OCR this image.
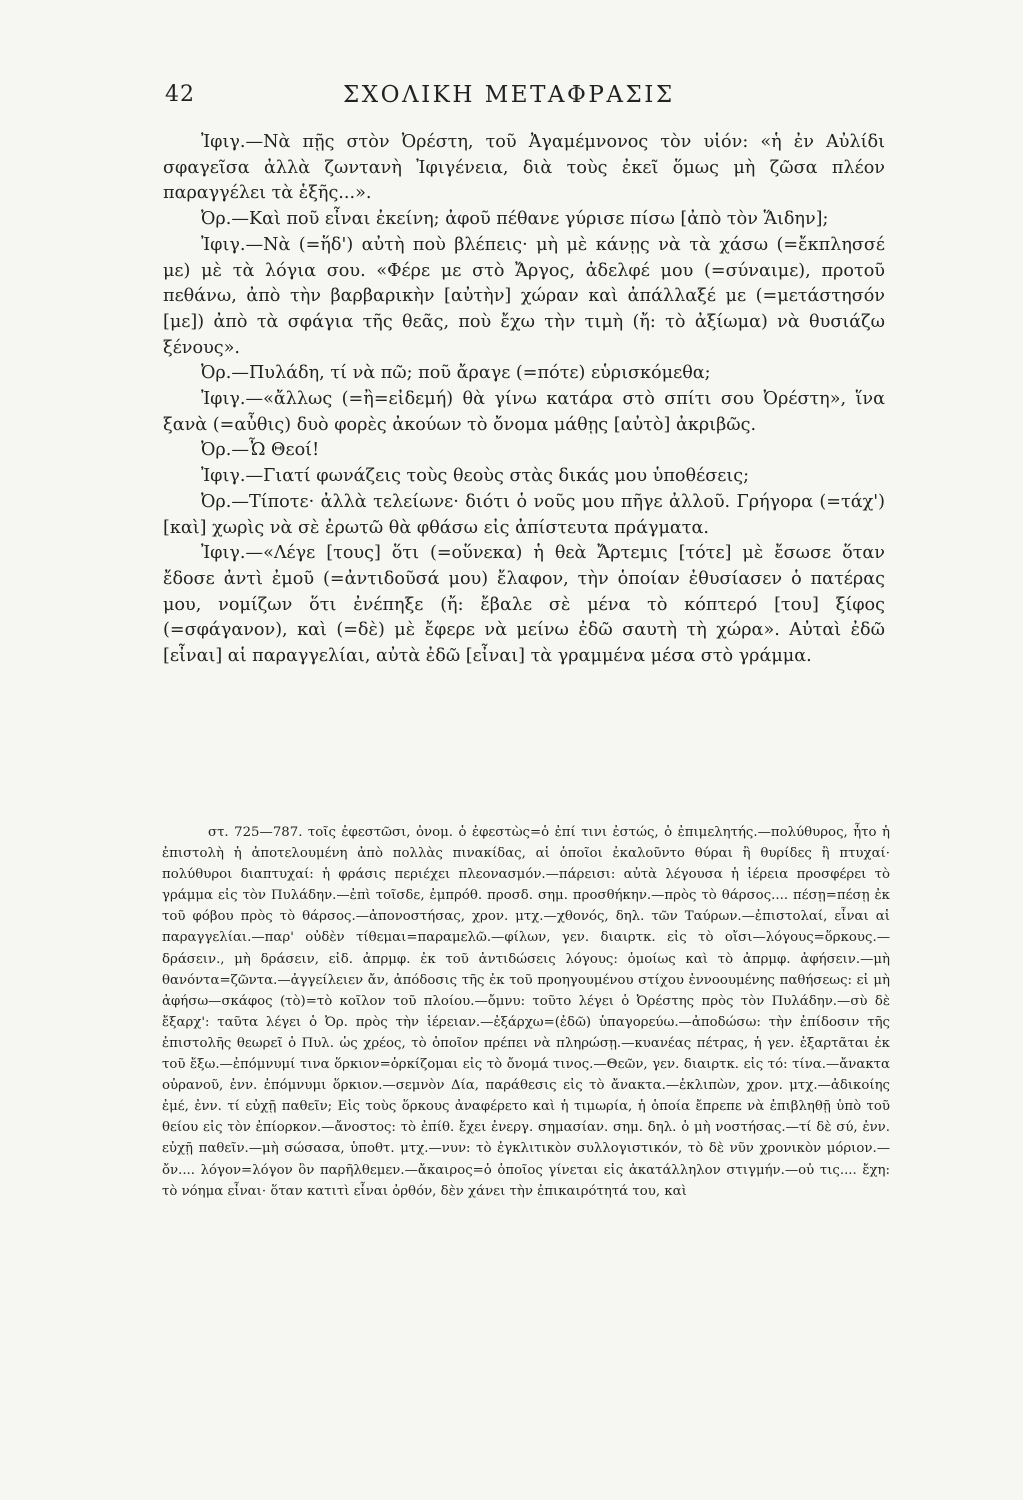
42	ΣΧΟΛΙΚΗ ΜΕΤΑΦΡΑΣΙΣ

Ἰφιγ.—Νὰ πῇς στὸν Ὀρέστη, τοῦ Ἀγαμέμνονος τὸν υἱόν: «ἡ ἐν Αὐλίδι σφαγεῖσα ἀλλὰ ζωντανὴ Ἰφιγένεια, διὰ τοὺς ἐκεῖ ὅμως μὴ ζῶσα πλέον παραγγέλει τὰ ἑξῆς...».

Ὀρ.—Καὶ ποῦ εἶναι ἐκείνη; ἀφοῦ πέθανε γύρισε πίσω [ἀπὸ τὸν Ἅιδην];

Ἰφιγ.—Νὰ (=ἥδ') αὐτὴ ποὺ βλέπεις· μὴ μὲ κάνῃς νὰ τὰ χάσω (=ἔκπλησσέ με) μὲ τὰ λόγια σου. «Φέρε με στὸ Ἄργος, ἀδελφέ μου (=σύναιμε), προτοῦ πεθάνω, ἀπὸ τὴν βαρβαρικὴν [αὐτὴν] χώραν καὶ ἀπάλλαξέ με (=μετάστησόν [με]) ἀπὸ τὰ σφάγια τῆς θεᾶς, ποὺ ἔχω τὴν τιμὴ (ἤ: τὸ ἀξίωμα) νὰ θυσιάζω ξένους».

Ὀρ.—Πυλάδη, τί νὰ πῶ; ποῦ ἄραγε (=πότε) εὑρισκόμεθα;

Ἰφιγ.—«ἄλλως (=ἢ=εἰδεμή) θὰ γίνω κατάρα στὸ σπίτι σου Ὀρέστη», ἵνα ξανὰ (=αὖθις) δυὸ φορὲς ἀκούων τὸ ὄνομα μάθῃς [αὐτὸ] ἀκριβῶς.

Ὀρ.—Ὦ Θεοί!

Ἰφιγ.—Γιατί φωνάζεις τοὺς θεοὺς στὰς δικάς μου ὑποθέσεις;

Ὀρ.—Τίποτε· ἀλλὰ τελείωνε· διότι ὁ νοῦς μου πῆγε ἀλλοῦ. Γρήγορα (=τάχ') [καὶ] χωρὶς νὰ σὲ ἐρωτῶ θὰ φθάσω εἰς ἀπίστευτα πράγματα.

Ἰφιγ.—«Λέγε [τους] ὅτι (=οὕνεκα) ἡ θεὰ Ἄρτεμις [τότε] μὲ ἔσωσε ὅταν ἔδοσε ἀντὶ ἐμοῦ (=ἀντιδοῦσά μου) ἔλαφον, τὴν ὁποίαν ἐθυσίασεν ὁ πατέρας μου, νομίζων ὅτι ἐνέπηξε (ἤ: ἔβαλε σὲ μένα τὸ κόπτερό [του] ξίφος (=σφάγανον), καὶ (=δὲ) μὲ ἔφερε νὰ μείνω ἐδῶ σαυτὴ τὴ χώρα». Αὐταὶ ἐδῶ [εἶναι] αἱ παραγγελίαι, αὐτὰ ἐδῶ [εἶναι] τὰ γραμμένα μέσα στὸ γράμμα.

στ. 725—787. τοῖς ἐφεστῶσι, ὀνομ. ὁ ἐφεστὼς=ὁ ἐπί τινι ἐστώς, ὁ ἐπιμελητής.—πολύθυρος, ἦτο ἡ ἐπιστολὴ ἡ ἀποτελουμένη ἀπὸ πολλὰς πινακίδας, αἱ ὁποῖοι ἐκαλοῦντο θύραι ἢ θυρίδες ἢ πτυχαί· πολύθυροι διαπτυχαί: ἡ φράσις περιέχει πλεονασμόν.—πάρεισι: αὐτὰ λέγουσα ἡ ἱέρεια προσφέρει τὸ γράμμα εἰς τὸν Πυλάδην.—ἐπὶ τοῖσδε, ἐμπρόθ. προσδ. σημ. προσθήκην.—πρὸς τὸ θάρσος.... πέσῃ=πέσῃ ἐκ τοῦ φόβου πρὸς τὸ θάρσος.—ἀπονοστήσας, χρον. μτχ.—χθονός, δηλ. τῶν Ταύρων.—ἐπιστολαί, εἶναι αἱ παραγγελίαι.—παρ' οὐδὲν τίθεμαι=παραμελῶ.—φίλων, γεν. διαιρτκ. εἰς τὸ οἴσι—λόγους=ὅρκους.—δράσειν., μὴ δράσειν, εἰδ. ἀπρμφ. ἐκ τοῦ ἀντιδώσεις λόγους: ὁμοίως καὶ τὸ ἀπρμφ. ἀφήσειν.—μὴ θανόντα=ζῶντα.—ἀγγείλειεν ἄν, ἀπόδοσις τῆς ἐκ τοῦ προηγουμένου στίχου ἐννοουμένης παθήσεως: εἰ μὴ ἀφήσω—σκάφος (τὸ)=τὸ κοῖλον τοῦ πλοίου.—ὄμνυ: τοῦτο λέγει ὁ Ὀρέστης πρὸς τὸν Πυλάδην.—σὺ δὲ ἔξαρχ': ταῦτα λέγει ὁ Ὀρ. πρὸς τὴν ἱέρειαν.—ἐξάρχω=(ἐδῶ) ὑπαγορεύω.—ἀποδώσω: τὴν ἐπίδοσιν τῆς ἐπιστολῆς θεωρεῖ ὁ Πυλ. ὡς χρέος, τὸ ὁποῖον πρέπει νὰ πληρώσῃ.—κυανέας πέτρας, ἡ γεν. ἐξαρτᾶται ἐκ τοῦ ἔξω.—ἐπόμνυμί τινα ὅρκιον=ὁρκίζομαι εἰς τὸ ὄνομά τινος.—Θεῶν, γεν. διαιρτκ. εἰς τό: τίνα.—ἄνακτα οὐρανοῦ, ἐνν. ἐπόμνυμι ὅρκιον.—σεμνὸν Δία, παράθεσις εἰς τὸ ἄνακτα.—ἐκλιπὼν, χρον. μτχ.—ἀδικοίης ἐμέ, ἐνν. τί εὐχῇ παθεῖν; Εἰς τοὺς ὅρκους ἀναφέρετο καὶ ἡ τιμωρία, ἡ ὁποία ἔπρεπε νὰ ἐπιβληθῇ ὑπὸ τοῦ θείου εἰς τὸν ἐπίορκον.—ἄνοστος: τὸ ἐπίθ. ἔχει ἐνεργ. σημασίαν. σημ. δηλ. ὁ μὴ νοστήσας.—τί δὲ σύ, ἐνν. εὐχῇ παθεῖν.—μὴ σώσασα, ὑποθτ. μτχ.—νυν: τὸ ἐγκλιτικὸν συλλογιστικόν, τὸ δὲ νῦν χρονικὸν μόριον.—ὄν.... λόγον=λόγον ὃν παρῆλθεμεν.—ἄκαιρος=ὁ ὁποῖος γίνεται εἰς ἀκατάλληλον στιγμήν.—οὐ τις.... ἔχη: τὸ νόημα εἶναι· ὅταν κατιτὶ εἶναι ὀρθόν, δὲν χάνει τὴν ἐπικαιρότητά του, καὶ
